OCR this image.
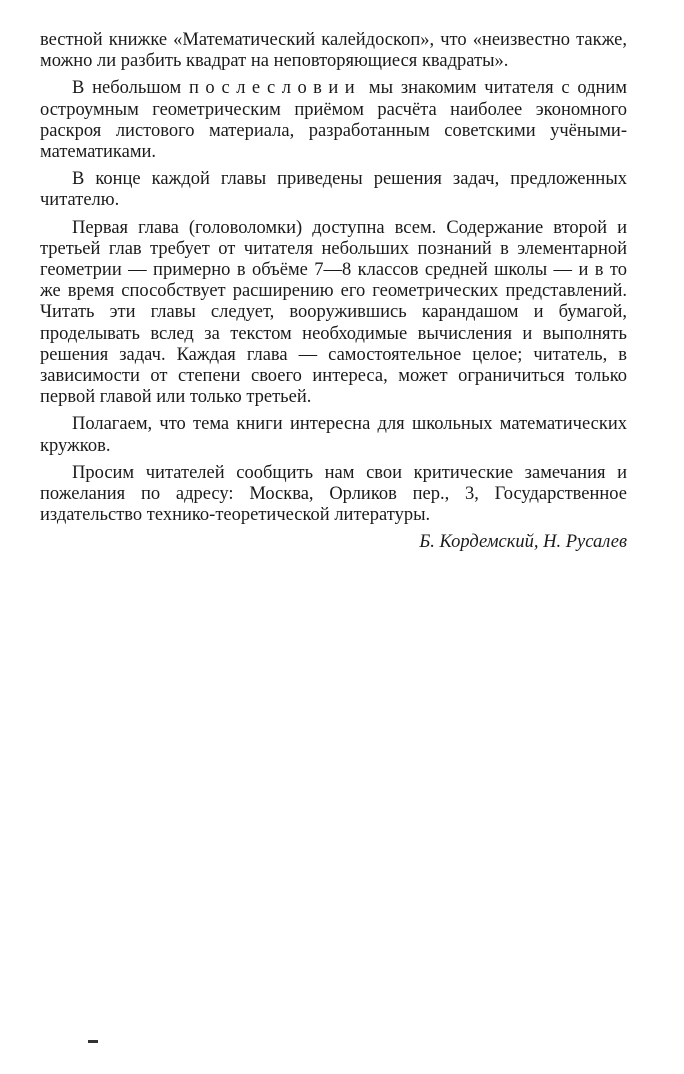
вестной книжке «Математический калейдоскоп», что «неизвестно также, можно ли разбить квадрат на неповторяющиеся квадраты».

В небольшом послесловии мы знакомим читателя с одним остроумным геометрическим приёмом расчёта наиболее экономного раскроя листового материала, разработанным советскими учёными-математиками.

В конце каждой главы приведены решения задач, предложенных читателю.

Первая глава (головоломки) доступна всем. Содержание второй и третьей глав требует от читателя небольших познаний в элементарной геометрии — примерно в объёме 7—8 классов средней школы — и в то же время способствует расширению его геометрических представлений. Читать эти главы следует, вооружившись карандашом и бумагой, проделывать вслед за текстом необходимые вычисления и выполнять решения задач. Каждая глава — самостоятельное целое; читатель, в зависимости от степени своего интереса, может ограничиться только первой главой или только третьей.

Полагаем, что тема книги интересна для школьных математических кружков.

Просим читателей сообщить нам свои критические замечания и пожелания по адресу: Москва, Орликов пер., 3, Государственное издательство технико-теоретической литературы.

Б. Кордемский, Н. Русалев
